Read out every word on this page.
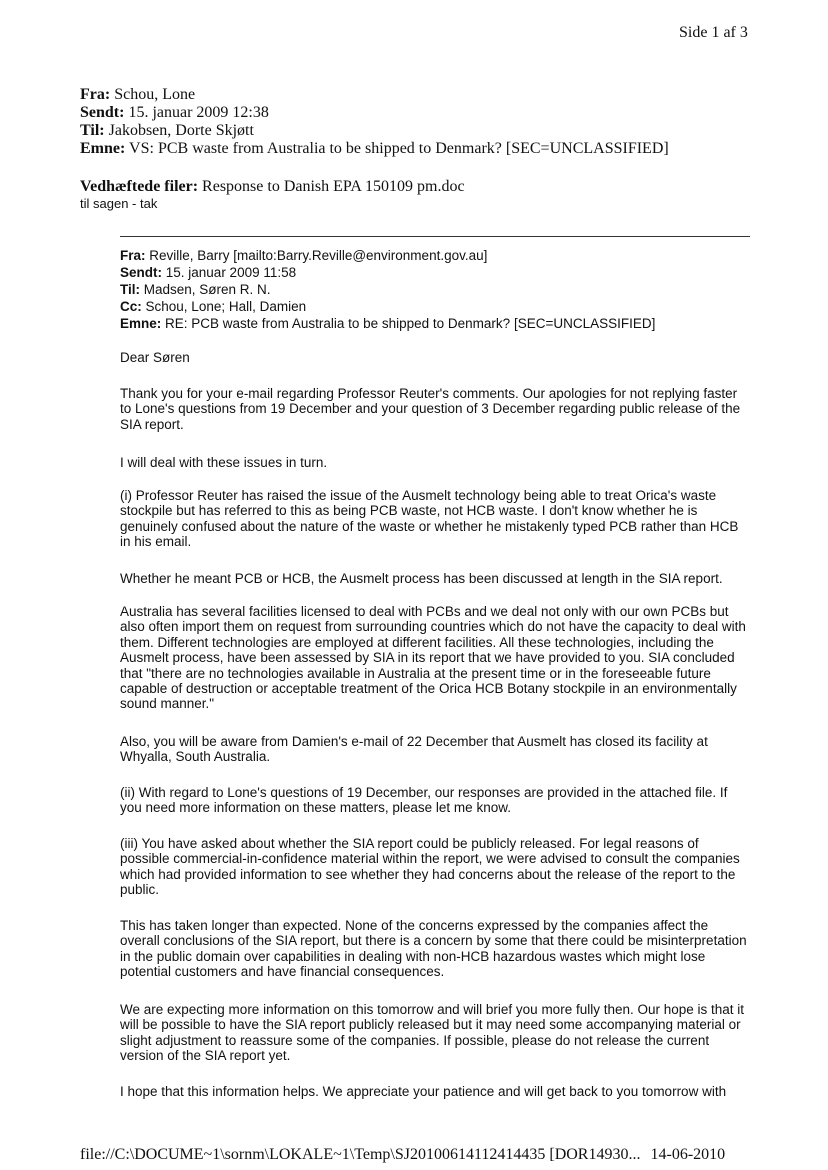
Side 1 af 3
Fra: Schou, Lone
Sendt: 15. januar 2009 12:38
Til: Jakobsen, Dorte Skjøtt
Emne: VS: PCB waste from Australia to be shipped to Denmark? [SEC=UNCLASSIFIED]
Vedhæftede filer: Response to Danish EPA 150109 pm.doc
til sagen - tak
Fra: Reville, Barry [mailto:Barry.Reville@environment.gov.au]
Sendt: 15. januar 2009 11:58
Til: Madsen, Søren R. N.
Cc: Schou, Lone; Hall, Damien
Emne: RE: PCB waste from Australia to be shipped to Denmark? [SEC=UNCLASSIFIED]
Dear Søren
Thank you for your e-mail regarding Professor Reuter's comments. Our apologies for not replying faster to Lone's questions from 19 December and your question of 3 December regarding public release of the SIA report.
I will deal with these issues in turn.
(i) Professor Reuter has raised the issue of the Ausmelt technology being able to treat Orica's waste stockpile but has referred to this as being PCB waste, not HCB waste. I don't know whether he is genuinely confused about the nature of the waste or whether he mistakenly typed PCB rather than HCB in his email.
Whether he meant PCB or HCB, the Ausmelt process has been discussed at length in the SIA report.
Australia has several facilities licensed to deal with PCBs and we deal not only with our own PCBs but also often import them on request from surrounding countries which do not have the capacity to deal with them. Different technologies are employed at different facilities. All these technologies, including the Ausmelt process, have been assessed by SIA in its report that we have provided to you. SIA concluded that "there are no technologies available in Australia at the present time or in the foreseeable future capable of destruction or acceptable treatment of the Orica HCB Botany stockpile in an environmentally sound manner."
Also, you will be aware from Damien's e-mail of 22 December that Ausmelt has closed its facility at Whyalla, South Australia.
(ii) With regard to Lone's questions of 19 December, our responses are provided in the attached file. If you need more information on these matters, please let me know.
(iii) You have asked about whether the SIA report could be publicly released. For legal reasons of possible commercial-in-confidence material within the report, we were advised to consult the companies which had provided information to see whether they had concerns about the release of the report to the public.
This has taken longer than expected. None of the concerns expressed by the companies affect the overall conclusions of the SIA report, but there is a concern by some that there could be misinterpretation in the public domain over capabilities in dealing with non-HCB hazardous wastes which might lose potential customers and have financial consequences.
We are expecting more information on this tomorrow and will brief you more fully then. Our hope is that it will be possible to have the SIA report publicly released but it may need some accompanying material or slight adjustment to reassure some of the companies. If possible, please do not release the current version of the SIA report yet.
I hope that this information helps. We appreciate your patience and will get back to you tomorrow with
file://C:\DOCUME~1\sornm\LOKALE~1\Temp\SJ20100614112414435 [DOR14930... 14-06-2010
